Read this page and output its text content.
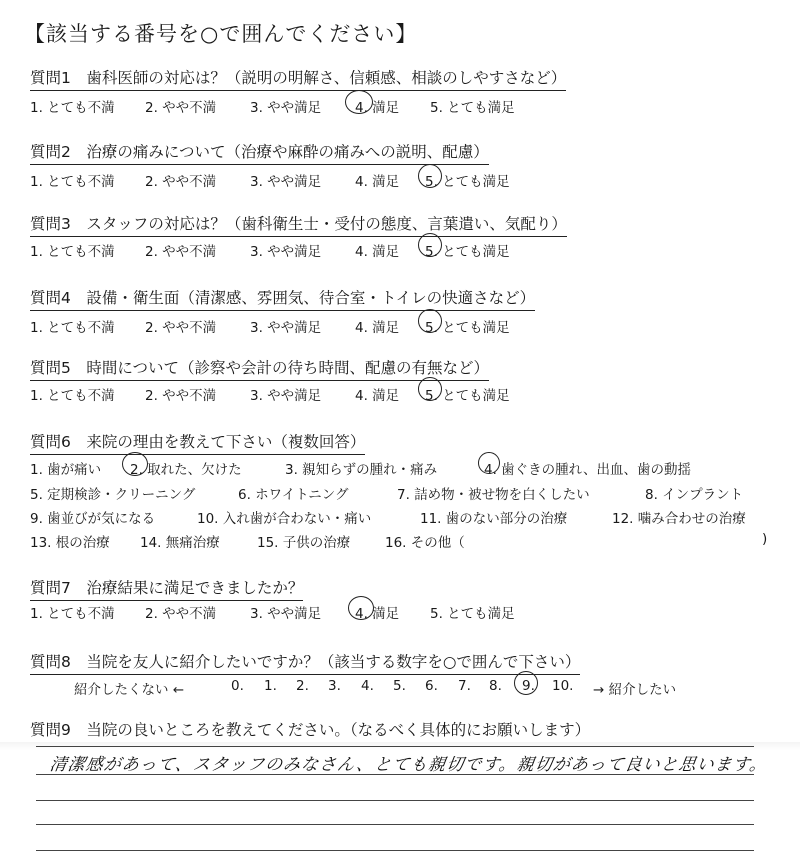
【該当する番号を○で囲んでください】
質問1　歯科医師の対応は？（説明の明解さ、信頼感、相談のしやすさなど）
1. とても不満 2. やや不満	3. やや満足	4. 満足 5. とても満足
質問2　治療の痛みについて（治療や麻酔の痛みへの説明、配慮）
1. とても不満 2. やや不満	3. やや満足	4. 満足 5. とても満足
質問3　スタッフの対応は？（歯科衛生士・受付の態度、言葉遣い、気配り）
1. とても不満 2. やや不満	3. やや満足	4. 満足 5. とても満足
質問4　設備・衛生面（清潔感、雰囲気、待合室・トイレの快適さなど）
1. とても不満 2. やや不満	3. やや満足	4. 満足 5. とても満足
質問5　時間について（診察や会計の待ち時間、配慮の有無など）
1. とても不満 2. やや不満	3. やや満足	4. 満足 5. とても満足
質問6　来院の理由を教えて下さい（複数回答）
1. 歯が痛い 2. 取れた、欠けた	3. 親知らずの腫れ・痛み	4. 歯ぐきの腫れ、出血、歯の動揺
5. 定期検診・クリーニング	6. ホワイトニング	7. 詰め物・被せ物を白くしたい	8. インプラント
9. 歯並びが気になる	10. 入れ歯が合わない・痛い	11. 歯のない部分の治療	12. 噛み合わせの治療
13. 根の治療 14. 無痛治療	15. 子供の治療	16. その他（	)
質問7　治療結果に満足できましたか？
1. とても不満 2. やや不満	3. やや満足	4. 満足 5. とても満足
質問8　当院を友人に紹介したいですか？（該当する数字を○で囲んで下さい）
紹介したくない ←	0. 1. 2. 3. 4. 5. 6. 7. 8. 9. 10. → 紹介したい
質問9　当院の良いところを教えてください。（なるべく具体的にお願いします）
清潔感があって、スタッフのみなさん、とても親切です。親切があって良いと思います。
